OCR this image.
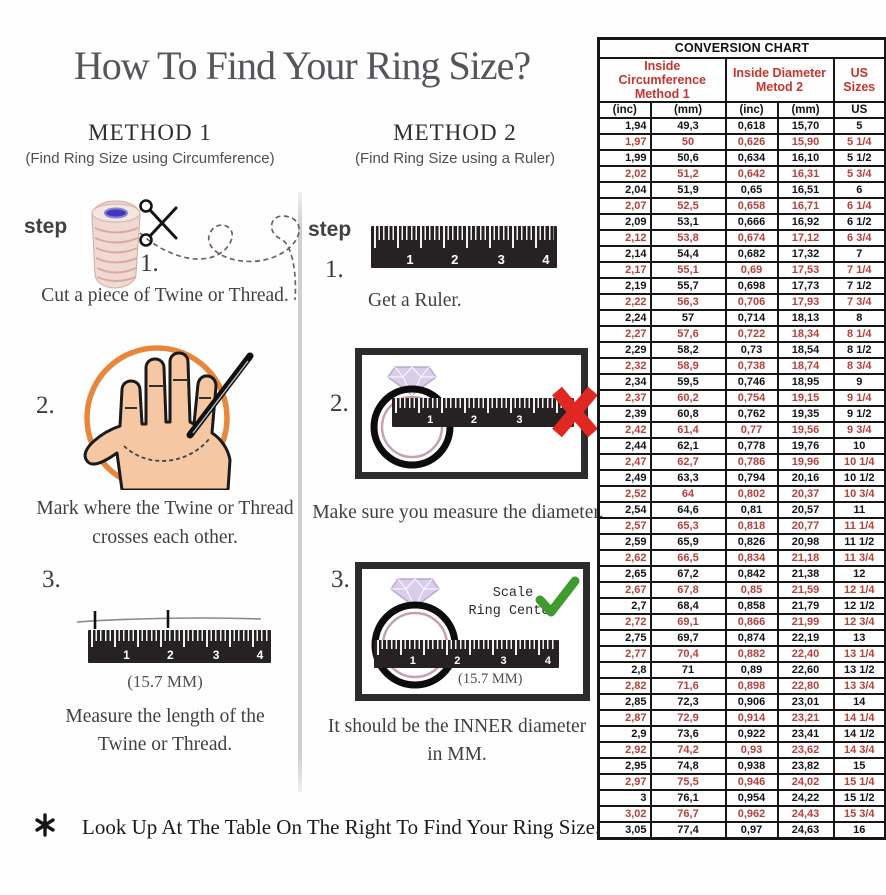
How To Find Your Ring Size?
METHOD 1
(Find Ring Size using Circumference)
METHOD 2
(Find Ring Size using a Ruler)
step
1.
Cut a piece of Twine or Thread.
2.
Mark where the Twine or Thread
crosses each other.
3.
1	2	3	4
(15.7 MM)
Measure the length of the
Twine or Thread.
step
1	2	3	4
1.
Get a Ruler.
2.
1	2	3
Make sure you measure the diameter.
3.
Scale
Ring Center
1	2	3	4
(15.7 MM)
It should be the INNER diameter
in MM.
Look Up At The Table On The Right To Find Your Ring Size.
CONVERSION CHART				

Inside Circumference
Method 1

Inside Diameter
Metod 2
	US Sizes
(inc)	(mm)	(inc)	(mm)	US
1,94	49,3	0,618	15,70	5
1,97	50	0,626	15,90	5 1/4
1,99	50,6	0,634	16,10	5 1/2
2,02	51,2	0,642	16,31	5 3/4
2,04	51,9	0,65	16,51	6
2,07	52,5	0,658	16,71	6 1/4
2,09	53,1	0,666	16,92	6 1/2
2,12	53,8	0,674	17,12	6 3/4
2,14	54,4	0,682	17,32	7
2,17	55,1	0,69	17,53	7 1/4
2,19	55,7	0,698	17,73	7 1/2
2,22	56,3	0,706	17,93	7 3/4
2,24	57	0,714	18,13	8
2,27	57,6	0,722	18,34	8 1/4
2,29	58,2	0,73	18,54	8 1/2
2,32	58,9	0,738	18,74	8 3/4
2,34	59,5	0,746	18,95	9
2,37	60,2	0,754	19,15	9 1/4
2,39	60,8	0,762	19,35	9 1/2
2,42	61,4	0,77	19,56	9 3/4
2,44	62,1	0,778	19,76	10
2,47	62,7	0,786	19,96	10 1/4
2,49	63,3	0,794	20,16	10 1/2
2,52	64	0,802	20,37	10 3/4
2,54	64,6	0,81	20,57	11
2,57	65,3	0,818	20,77	11 1/4
2,59	65,9	0,826	20,98	11 1/2
2,62	66,5	0,834	21,18	11 3/4
2,65	67,2	0,842	21,38	12
2,67	67,8	0,85	21,59	12 1/4
2,7	68,4	0,858	21,79	12 1/2
2,72	69,1	0,866	21,99	12 3/4
2,75	69,7	0,874	22,19	13
2,77	70,4	0,882	22,40	13 1/4
2,8	71	0,89	22,60	13 1/2
2,82	71,6	0,898	22,80	13 3/4
2,85	72,3	0,906	23,01	14
2,87	72,9	0,914	23,21	14 1/4
2,9	73,6	0,922	23,41	14 1/2
2,92	74,2	0,93	23,62	14 3/4
2,95	74,8	0,938	23,82	15
2,97	75,5	0,946	24,02	15 1/4
3	76,1	0,954	24,22	15 1/2
3,02	76,7	0,962	24,43	15 3/4
3,05	77,4	0,97	24,63	16
